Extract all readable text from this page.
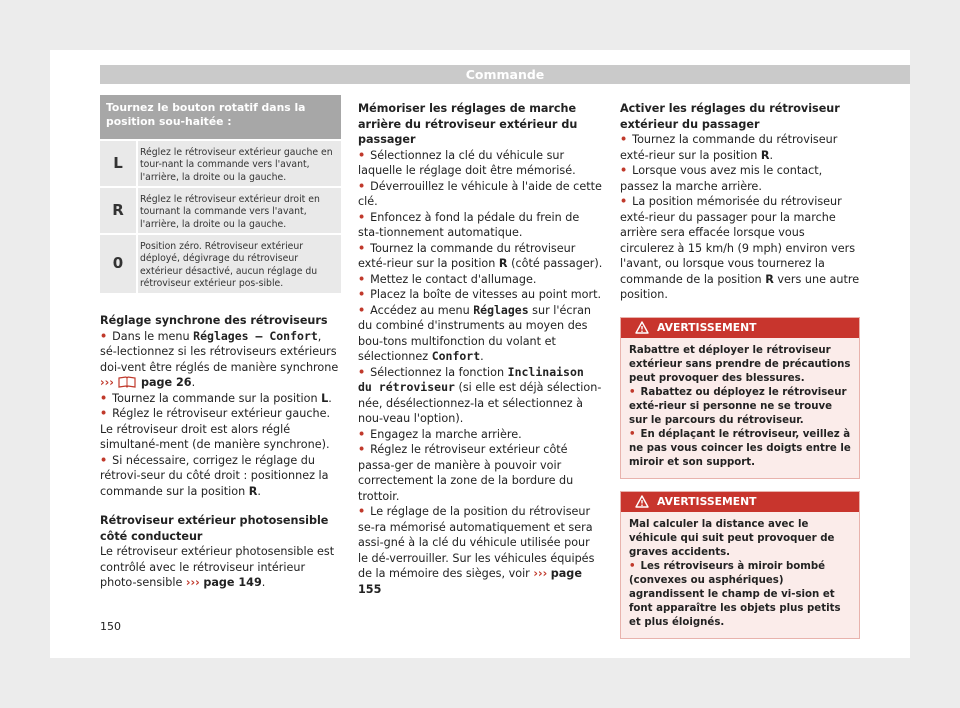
Commande
Tournez le bouton rotatif dans la position sou-haitée :
L
Réglez le rétroviseur extérieur gauche en tour-nant la commande vers l'avant, l'arrière, la droite ou la gauche.
R
Réglez le rétroviseur extérieur droit en tournant la commande vers l'avant, l'arrière, la droite ou la gauche.
0
Position zéro. Rétroviseur extérieur déployé, dégivrage du rétroviseur extérieur désactivé, aucun réglage du rétroviseur extérieur pos-sible.

Réglage synchrone des rétroviseurs

• Dans le menu Réglages – Confort, sé-lectionnez si les rétroviseurs extérieurs doi-vent être réglés de manière synchrone ››› page 26.

• Tournez la commande sur la position L.

• Réglez le rétroviseur extérieur gauche. Le rétroviseur droit est alors réglé simultané-ment (de manière synchrone).

• Si nécessaire, corrigez le réglage du rétrovi-seur du côté droit : positionnez la commande sur la position R.

Rétroviseur extérieur photosensible côté conducteur

Le rétroviseur extérieur photosensible est contrôlé avec le rétroviseur intérieur photo-sensible ››› page 149.

Mémoriser les réglages de marche arrière du rétroviseur extérieur du passager

• Sélectionnez la clé du véhicule sur laquelle le réglage doit être mémorisé.

• Déverrouillez le véhicule à l'aide de cette clé.

• Enfoncez à fond la pédale du frein de sta-tionnement automatique.

• Tournez la commande du rétroviseur exté-rieur sur la position R (côté passager).

• Mettez le contact d'allumage.

• Placez la boîte de vitesses au point mort.

• Accédez au menu Réglages sur l'écran du combiné d'instruments au moyen des bou-tons multifonction du volant et sélectionnez Confort.

• Sélectionnez la fonction Inclinaison du rétroviseur (si elle est déjà sélection-née, désélectionnez-la et sélectionnez à nou-veau l'option).

• Engagez la marche arrière.

• Réglez le rétroviseur extérieur côté passa-ger de manière à pouvoir voir correctement la zone de la bordure du trottoir.

• Le réglage de la position du rétroviseur se-ra mémorisé automatiquement et sera assi-gné à la clé du véhicule utilisée pour le dé-verrouiller. Sur les véhicules équipés de la mémoire des sièges, voir ››› page 155

Activer les réglages du rétroviseur extérieur du passager

• Tournez la commande du rétroviseur exté-rieur sur la position R.

• Lorsque vous avez mis le contact, passez la marche arrière.

• La position mémorisée du rétroviseur exté-rieur du passager pour la marche arrière sera effacée lorsque vous circulerez à 15 km/h (9 mph) environ vers l'avant, ou lorsque vous tournerez la commande de la position R vers une autre position.

AVERTISSEMENT

Rabattre et déployer le rétroviseur extérieur sans prendre de précautions peut provoquer des blessures.

• Rabattez ou déployez le rétroviseur exté-rieur si personne ne se trouve sur le parcours du rétroviseur.

• En déplaçant le rétroviseur, veillez à ne pas vous coincer les doigts entre le miroir et son support.

AVERTISSEMENT

Mal calculer la distance avec le véhicule qui suit peut provoquer de graves accidents.

• Les rétroviseurs à miroir bombé (convexes ou asphériques) agrandissent le champ de vi-sion et font apparaître les objets plus petits et plus éloignés.

150
